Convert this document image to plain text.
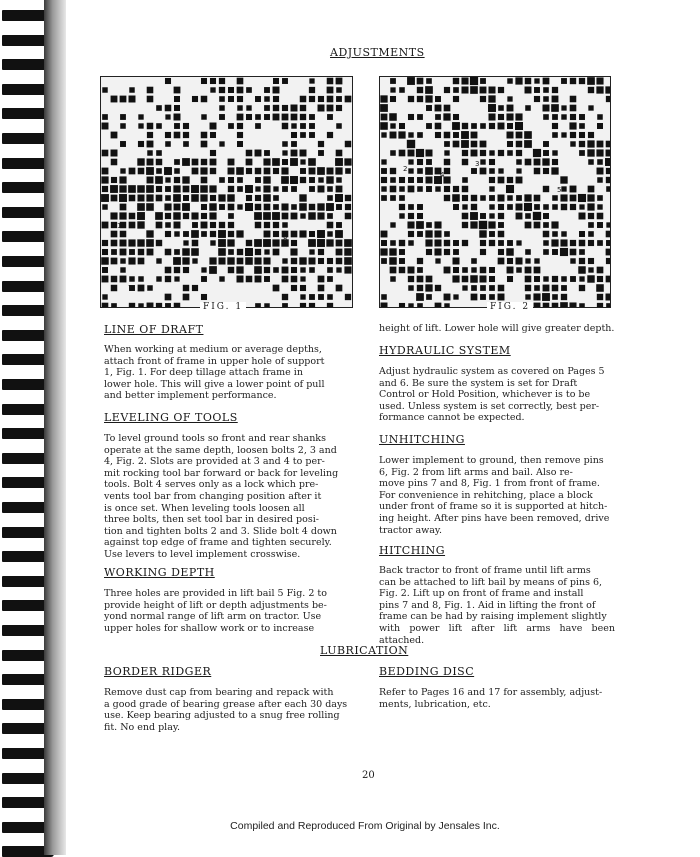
ADJUSTMENTS
1
8
7
FIG. 1
2
4
3
5
FIG. 2
LINE OF DRAFT
When working at medium or average depths,
attach front of frame in upper hole of support
1, Fig. 1. For deep tillage attach frame in
lower hole. This will give a lower point of pull
and better implement performance.
LEVELING OF TOOLS
To level ground tools so front and rear shanks
operate at the same depth, loosen bolts 2, 3 and
4, Fig. 2. Slots are provided at 3 and 4 to per-
mit rocking tool bar forward or back for leveling
tools. Bolt 4 serves only as a lock which pre-
vents tool bar from changing position after it
is once set. When leveling tools loosen all
three bolts, then set tool bar in desired posi-
tion and tighten bolts 2 and 3. Slide bolt 4 down
against top edge of frame and tighten securely.
Use levers to level implement crosswise.
WORKING DEPTH
Three holes are provided in lift bail 5 Fig. 2 to
provide height of lift or depth adjustments be-
yond normal range of lift arm on tractor. Use
upper holes for shallow work or to increase
height of lift. Lower hole will give greater depth.
HYDRAULIC SYSTEM
Adjust hydraulic system as covered on Pages 5
and 6. Be sure the system is set for Draft
Control or Hold Position, whichever is to be
used. Unless system is set correctly, best per-
formance cannot be expected.
UNHITCHING
Lower implement to ground, then remove pins
6, Fig. 2 from lift arms and bail. Also re-
move pins 7 and 8, Fig. 1 from front of frame.
For convenience in rehitching, place a block
under front of frame so it is supported at hitch-
ing height. After pins have been removed, drive
tractor away.
HITCHING
Back tractor to front of frame until lift arms
can be attached to lift bail by means of pins 6,
Fig. 2. Lift up on front of frame and install
pins 7 and 8, Fig. 1. Aid in lifting the front of
frame can be had by raising implement slightly
with power lift after lift arms have been attached.
LUBRICATION
BORDER RIDGER
Remove dust cap from bearing and repack with
a good grade of bearing grease after each 30 days
use. Keep bearing adjusted to a snug free rolling
fit. No end play.
BEDDING DISC
Refer to Pages 16 and 17 for assembly, adjust-
ments, lubrication, etc.
20
Compiled and Reproduced From Original by Jensales Inc.
